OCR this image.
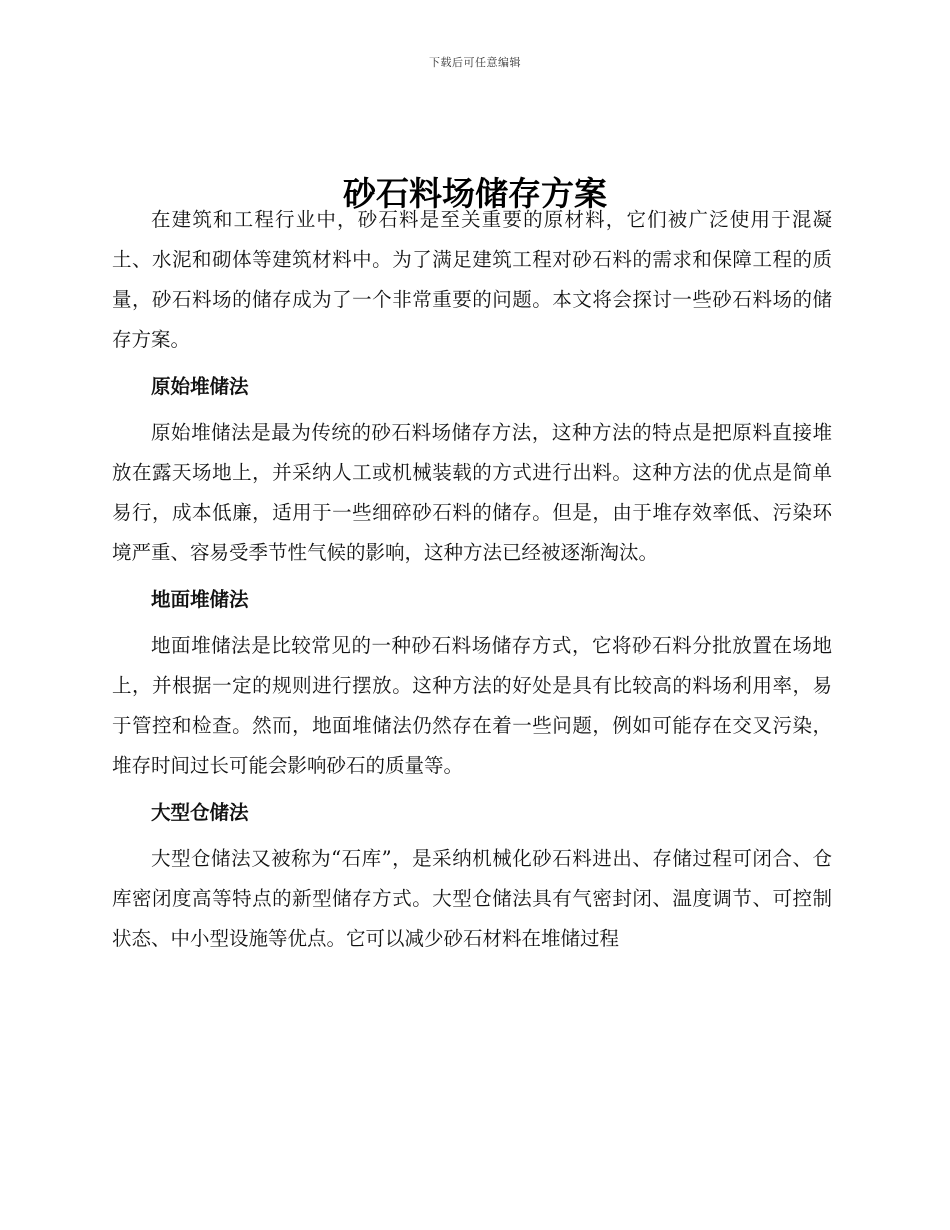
下载后可任意编辑
砂石料场储存方案

在建筑和工程行业中，砂石料是至关重要的原材料，它们被广泛使用于混凝土、水泥和砌体等建筑材料中。为了满足建筑工程对砂石料的需求和保障工程的质量，砂石料场的储存成为了一个非常重要的问题。本文将会探讨一些砂石料场的储存方案。

原始堆储法

原始堆储法是最为传统的砂石料场储存方法，这种方法的特点是把原料直接堆放在露天场地上，并采纳人工或机械装载的方式进行出料。这种方法的优点是简单易行，成本低廉，适用于一些细碎砂石料的储存。但是，由于堆存效率低、污染环境严重、容易受季节性气候的影响，这种方法已经被逐渐淘汰。

地面堆储法

地面堆储法是比较常见的一种砂石料场储存方式，它将砂石料分批放置在场地上，并根据一定的规则进行摆放。这种方法的好处是具有比较高的料场利用率，易于管控和检查。然而，地面堆储法仍然存在着一些问题，例如可能存在交叉污染，堆存时间过长可能会影响砂石的质量等。

大型仓储法

大型仓储法又被称为“石库”，是采纳机械化砂石料进出、存储过程可闭合、仓库密闭度高等特点的新型储存方式。大型仓储法具有气密封闭、温度调节、可控制状态、中小型设施等优点。它可以减少砂石材料在堆储过程
